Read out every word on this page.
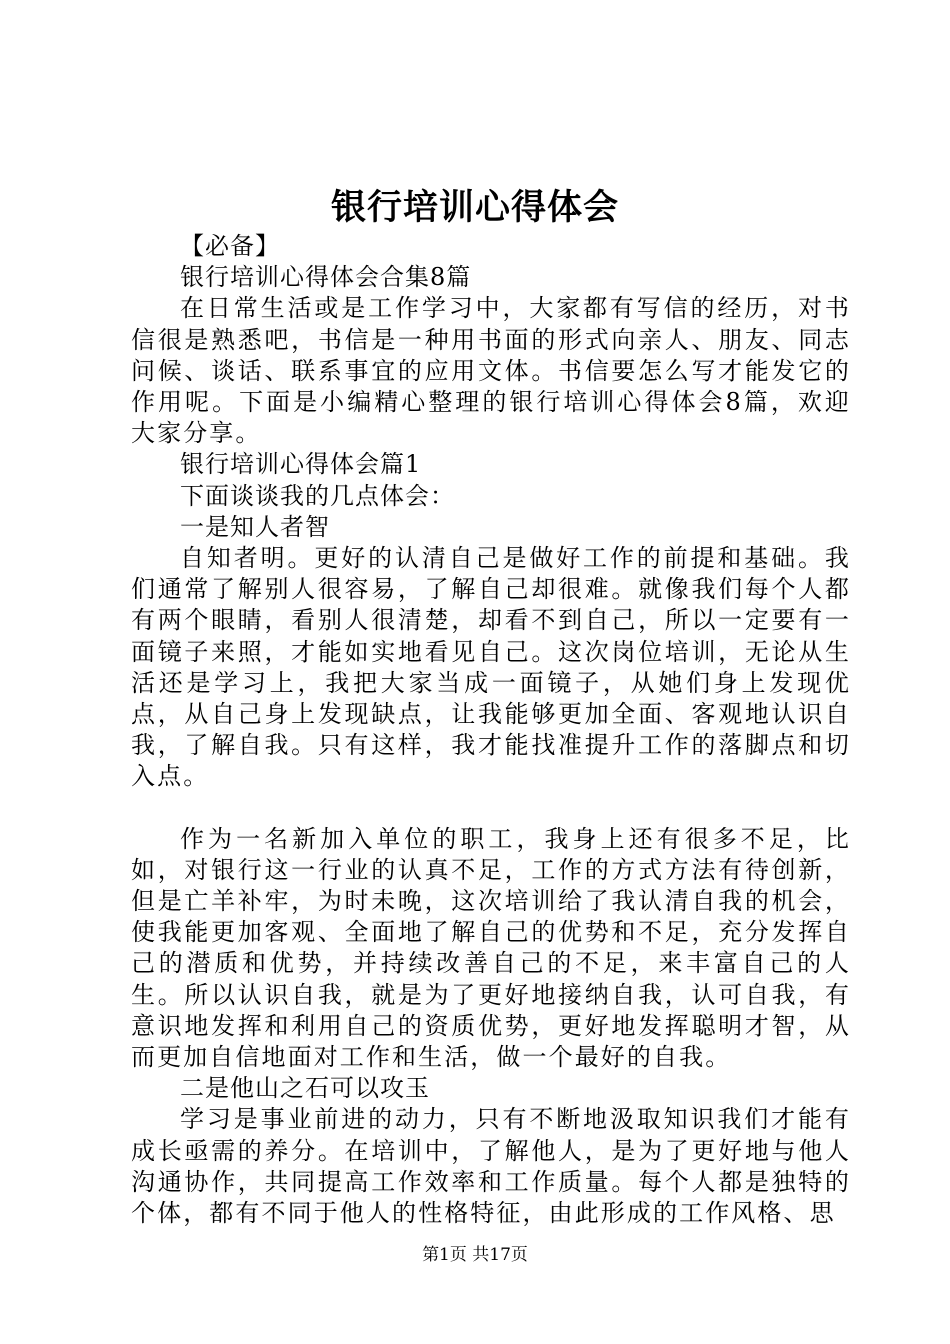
银行培训心得体会

【必备】

银行培训心得体会合集8篇

在日常生活或是工作学习中，大家都有写信的经历，对书信很是熟悉吧，书信是一种用书面的形式向亲人、朋友、同志问候、谈话、联系事宜的应用文体。书信要怎么写才能发它的作用呢。下面是小编精心整理的银行培训心得体会8篇，欢迎大家分享。

银行培训心得体会篇1

下面谈谈我的几点体会：

一是知人者智

自知者明。更好的认清自己是做好工作的前提和基础。我们通常了解别人很容易，了解自己却很难。就像我们每个人都有两个眼睛，看别人很清楚，却看不到自己，所以一定要有一面镜子来照，才能如实地看见自己。这次岗位培训，无论从生活还是学习上，我把大家当成一面镜子，从她们身上发现优点，从自己身上发现缺点，让我能够更加全面、客观地认识自我，了解自我。只有这样，我才能找准提升工作的落脚点和切入点。

作为一名新加入单位的职工，我身上还有很多不足，比如，对银行这一行业的认真不足，工作的方式方法有待创新，但是亡羊补牢，为时未晚，这次培训给了我认清自我的机会，使我能更加客观、全面地了解自己的优势和不足，充分发挥自己的潜质和优势，并持续改善自己的不足，来丰富自己的人生。所以认识自我，就是为了更好地接纳自我，认可自我，有意识地发挥和利用自己的资质优势，更好地发挥聪明才智，从而更加自信地面对工作和生活，做一个最好的自我。

二是他山之石可以攻玉

学习是事业前进的动力，只有不断地汲取知识我们才能有成长亟需的养分。在培训中，了解他人，是为了更好地与他人沟通协作，共同提高工作效率和工作质量。每个人都是独特的个体，都有不同于他人的性格特征，由此形成的工作风格、思

第1页 共17页
